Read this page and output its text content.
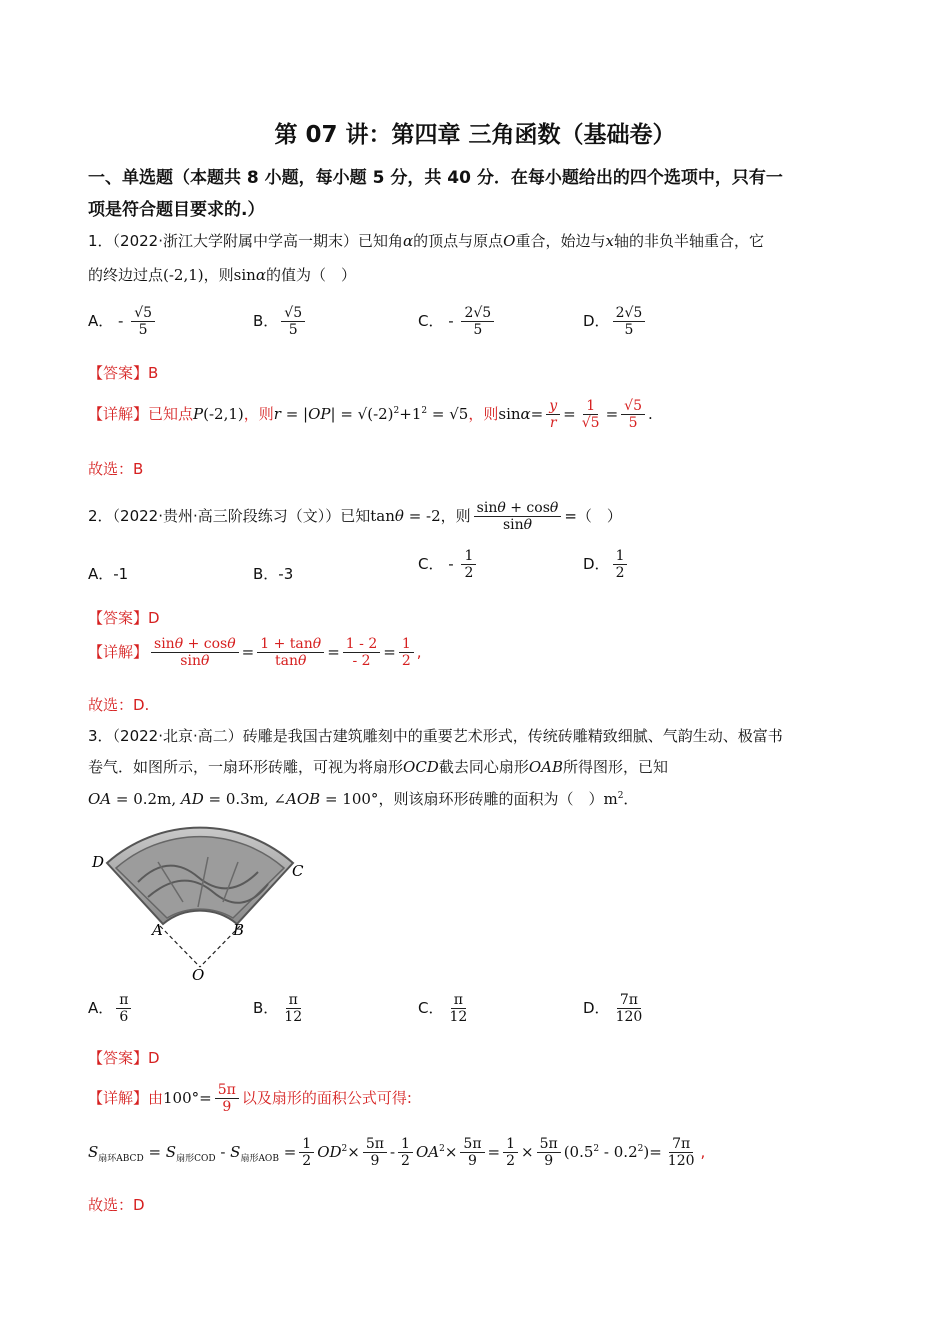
第 07 讲：第四章 三角函数（基础卷）
一、单选题（本题共 8 小题，每小题 5 分，共 40 分．在每小题给出的四个选项中，只有一
项是符合题目要求的.）
1．（2022·浙江大学附属中学高一期末）已知角α的顶点与原点O重合，始边与x轴的非负半轴重合，它
的终边过点(-2,1)，则sinα的值为（　）
A． - $\frac{√5}{5}$	B． $\frac{√5}{5}$	C． - $\frac{2√5}{5}$	D． $\frac{2√5}{5}$
【答案】B
【详解】已知点P(-2,1)，则$r = |OP| = √(-2)^2+1^2 = √5$，则$\sin\alpha= \frac{y}{r} = \frac{1}{√5} = \frac{√5}{5}$ .
故选：B
2．（2022·贵州·高三阶段练习（文））已知tanθ = -2，则 $\frac{\sin\theta + \cos\theta}{\sin\theta}$ =（　）
A．-1	B．-3
C． - $\frac{1}{2}$	D． $\frac{1}{2}$
【答案】D
【详解】 $\frac{\sin\theta + \cos\theta}{\sin\theta} = \frac{1 + \tan\theta}{\tan\theta} = \frac{1 - 2}{- 2} = \frac{1}{2}$ ,
故选：D.
3．（2022·北京·高二）砖雕是我国古建筑雕刻中的重要艺术形式，传统砖雕精致细腻、气韵生动、极富书
卷气．如图所示，一扇环形砖雕，可视为将扇形OCD截去同心扇形OAB所得图形，已知
OA = 0.2m, AD = 0.3m, ∠AOB = 100°，则该扇环形砖雕的面积为（　）$m^2$．
D	C
A	B
O
A． $\frac{\pi}{6}$	B． $\frac{\pi}{12}$	C． $\frac{\pi}{12}$	D． $\frac{7\pi}{120}$
【答案】D
【详解】由$100^\circ= \frac{5\pi}{9}$ 以及扇形的面积公式可得:
$S_{扇环ABCD} = S_{扇形COD} - S_{扇形AOB} = \frac{1}{2} OD^2\times \frac{5\pi}{9} - \frac{1}{2} OA^2\times \frac{5\pi}{9} = \frac{1}{2} \times \frac{5\pi}{9} (0.5^2 - 0.2^2)= \frac{7\pi}{120}$ ,
故选：D
